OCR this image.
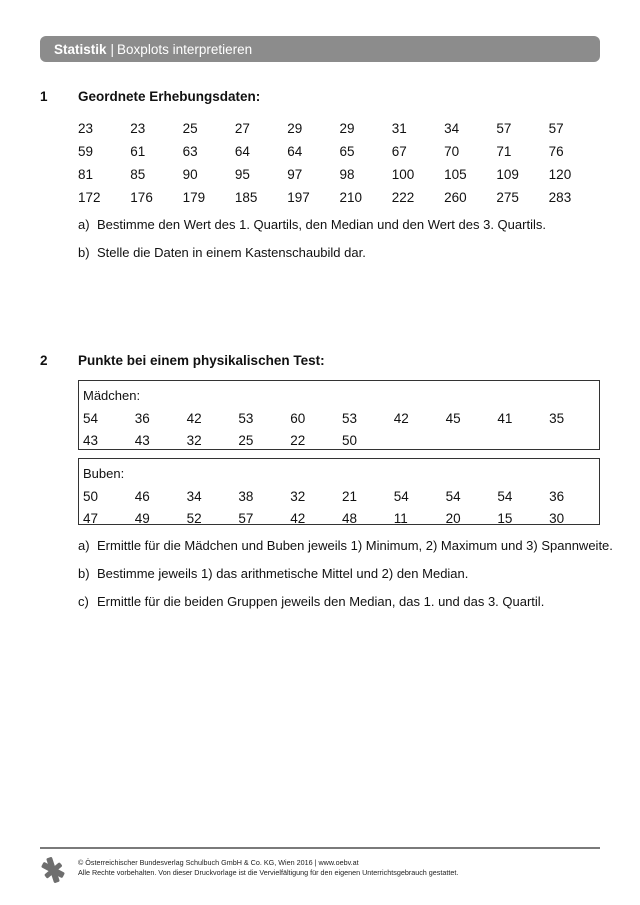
Statistik | Boxplots interpretieren
1 Geordnete Erhebungsdaten:
23	23	25	27	29	29	31	34	57	57
59	61	63	64	64	65	67	70	71	76
81	85	90	95	97	98	100	105	109	120
172	176	179	185	197	210	222	260	275	283
a) Bestimme den Wert des 1. Quartils, den Median und den Wert des 3. Quartils.
b) Stelle die Daten in einem Kastenschaubild dar.
2 Punkte bei einem physikalischen Test:
Mädchen:
54	36	42	53	60	53	42	45	41	35
43	43	32	25	22	50
Buben:
50	46	34	38	32	21	54	54	54	36
47	49	52	57	42	48	11	20	15	30
a) Ermittle für die Mädchen und Buben jeweils 1) Minimum, 2) Maximum und 3) Spannweite.
b) Bestimme jeweils 1) das arithmetische Mittel und 2) den Median.
c) Ermittle für die beiden Gruppen jeweils den Median, das 1. und das 3. Quartil.
© Österreichischer Bundesverlag Schulbuch GmbH & Co. KG, Wien 2016 | www.oebv.at
Alle Rechte vorbehalten. Von dieser Druckvorlage ist die Vervielfältigung für den eigenen Unterrichtsgebrauch gestattet.
